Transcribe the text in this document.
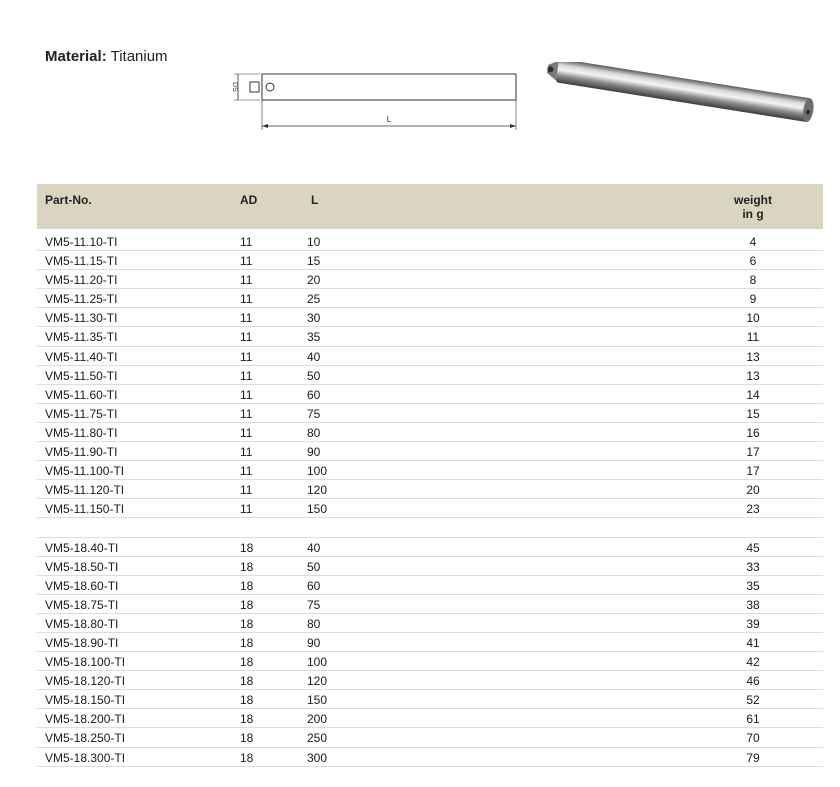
Material: Titanium
DS
L
Part-No.	AD	L	weight
in g
VM5-11.10-TI	11	10	4
VM5-11.15-TI	11	15	6
VM5-11.20-TI	11	20	8
VM5-11.25-TI	11	25	9
VM5-11.30-TI	11	30	10
VM5-11.35-TI	11	35	11
VM5-11.40-TI	11	40	13
VM5-11.50-TI	11	50	13
VM5-11.60-TI	11	60	14
VM5-11.75-TI	11	75	15
VM5-11.80-TI	11	80	16
VM5-11.90-TI	11	90	17
VM5-11.100-TI	11	100	17
VM5-11.120-TI	11	120	20
VM5-11.150-TI	11	150	23
VM5-18.40-TI	18	40	45
VM5-18.50-TI	18	50	33
VM5-18.60-TI	18	60	35
VM5-18.75-TI	18	75	38
VM5-18.80-TI	18	80	39
VM5-18.90-TI	18	90	41
VM5-18.100-TI	18	100	42
VM5-18.120-TI	18	120	46
VM5-18.150-TI	18	150	52
VM5-18.200-TI	18	200	61
VM5-18.250-TI	18	250	70
VM5-18.300-TI	18	300	79
